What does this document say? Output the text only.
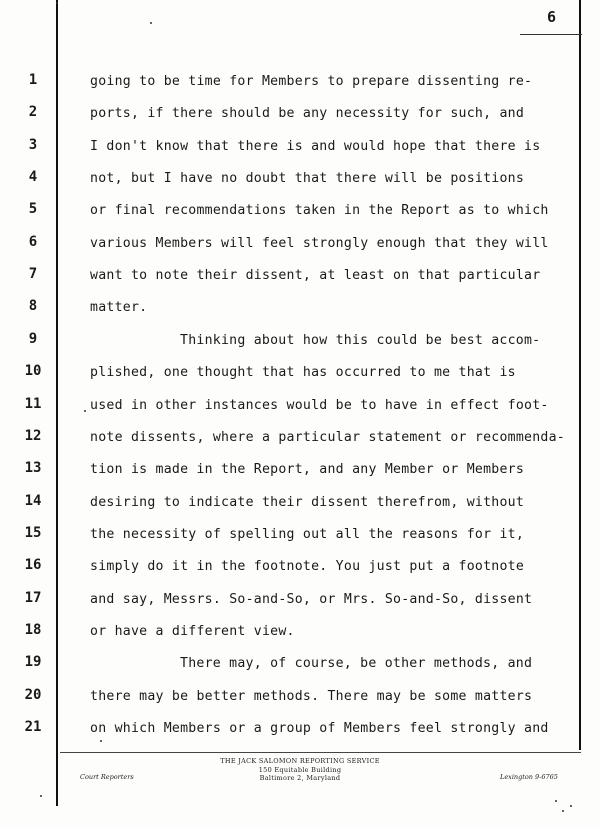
6
1
2
3
4
5
6
7
8
9
10
11
12
13
14
15
16
17
18
19
20
21
going to be time for Members to prepare dissenting re-
ports, if there should be any necessity for such, and
I don't know that there is and would hope that there is
not, but I have no doubt that there will be positions
or final recommendations taken in the Report as to which
various Members will feel strongly enough that they will
want to note their dissent, at least on that particular
matter.
Thinking about how this could be best accom-
plished, one thought that has occurred to me that is
used in other instances would be to have in effect foot-
note dissents, where a particular statement or recommenda-
tion is made in the Report, and any Member or Members
desiring to indicate their dissent therefrom, without
the necessity of spelling out all the reasons for it,
simply do it in the footnote. You just put a footnote
and say, Messrs. So-and-So, or Mrs. So-and-So, dissent
or have a different view.
There may, of course, be other methods, and
there may be better methods. There may be some matters
on which Members or a group of Members feel strongly and
THE JACK SALOMON REPORTING SERVICE
150 Equitable Building
Baltimore 2, Maryland
Court Reporters	Lexington 9-6765
